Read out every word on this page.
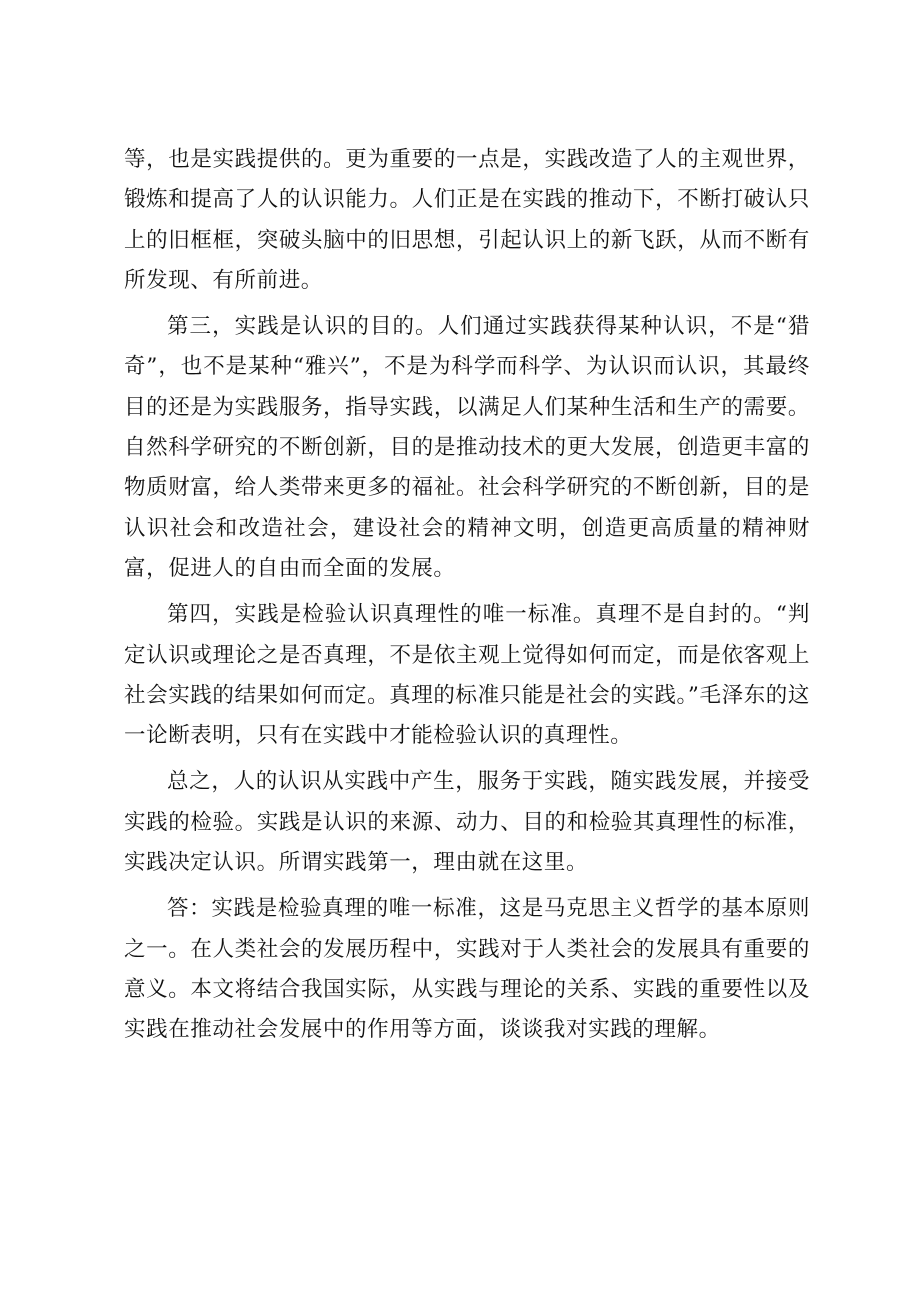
等，也是实践提供的。更为重要的一点是，实践改造了人的主观世界，锻炼和提高了人的认识能力。人们正是在实践的推动下，不断打破认只上的旧框框，突破头脑中的旧思想，引起认识上的新飞跃，从而不断有所发现、有所前进。

第三，实践是认识的目的。人们通过实践获得某种认识，不是“猎奇”，也不是某种“雅兴”，不是为科学而科学、为认识而认识，其最终目的还是为实践服务，指导实践，以满足人们某种生活和生产的需要。自然科学研究的不断创新，目的是推动技术的更大发展，创造更丰富的物质财富，给人类带来更多的福祉。社会科学研究的不断创新，目的是认识社会和改造社会，建设社会的精神文明，创造更高质量的精神财富，促进人的自由而全面的发展。

第四，实践是检验认识真理性的唯一标准。真理不是自封的。“判定认识或理论之是否真理，不是依主观上觉得如何而定，而是依客观上社会实践的结果如何而定。真理的标准只能是社会的实践。”毛泽东的这一论断表明，只有在实践中才能检验认识的真理性。

总之，人的认识从实践中产生，服务于实践，随实践发展，并接受实践的检验。实践是认识的来源、动力、目的和检验其真理性的标准，实践决定认识。所谓实践第一，理由就在这里。

答：实践是检验真理的唯一标准，这是马克思主义哲学的基本原则之一。在人类社会的发展历程中，实践对于人类社会的发展具有重要的意义。本文将结合我国实际，从实践与理论的关系、实践的重要性以及实践在推动社会发展中的作用等方面，谈谈我对实践的理解。
